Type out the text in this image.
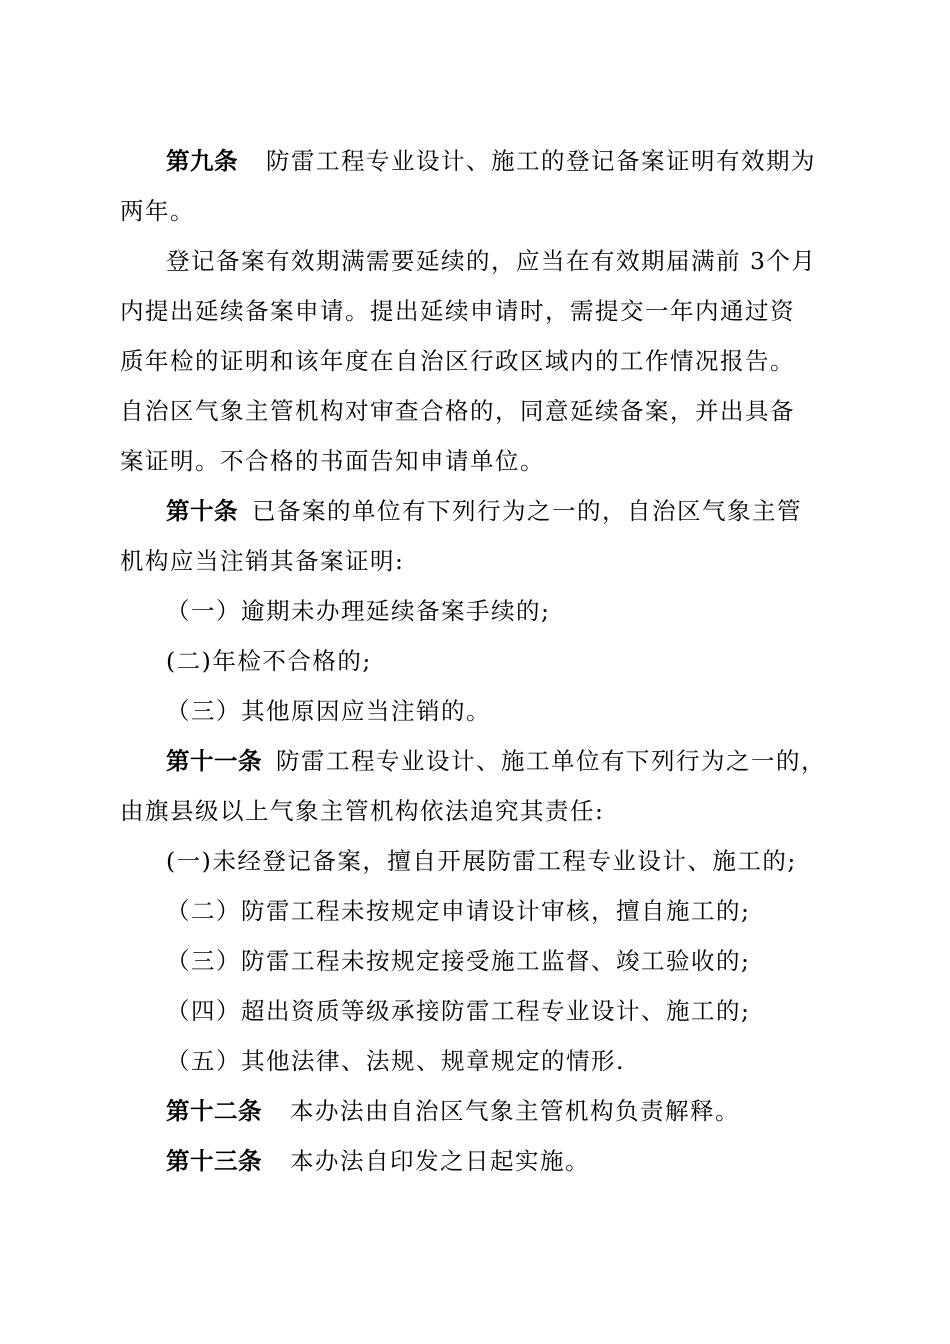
第九条 防雷工程专业设计、施工的登记备案证明有效期为
两年。
登记备案有效期满需要延续的，应当在有效期届满前 3个月
内提出延续备案申请。提出延续申请时，需提交一年内通过资
质年检的证明和该年度在自治区行政区域内的工作情况报告。
自治区气象主管机构对审查合格的，同意延续备案，并出具备
案证明。不合格的书面告知申请单位。
第十条 已备案的单位有下列行为之一的，自治区气象主管
机构应当注销其备案证明:
（一）逾期未办理延续备案手续的;
(二)年检不合格的;
（三）其他原因应当注销的。
第十一条 防雷工程专业设计、施工单位有下列行为之一的，
由旗县级以上气象主管机构依法追究其责任:
(一)未经登记备案，擅自开展防雷工程专业设计、施工的;
（二）防雷工程未按规定申请设计审核，擅自施工的;
（三）防雷工程未按规定接受施工监督、竣工验收的;
（四）超出资质等级承接防雷工程专业设计、施工的;
（五）其他法律、法规、规章规定的情形.
第十二条 本办法由自治区气象主管机构负责解释。
第十三条 本办法自印发之日起实施。
